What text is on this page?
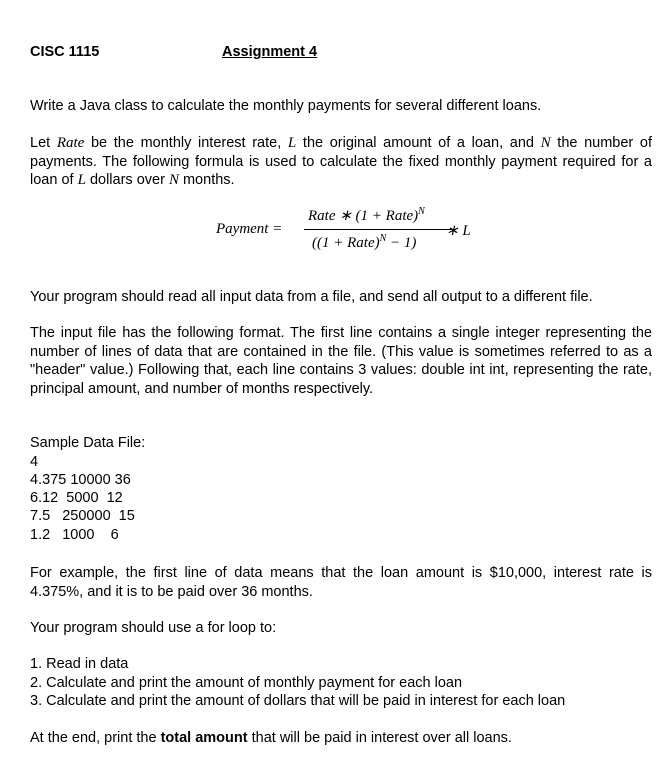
CISC 1115	Assignment 4
Write a Java class to calculate the monthly payments for several different loans.
Let Rate be the monthly interest rate, L the original amount of a loan, and N the number of payments. The following formula is used to calculate the fixed monthly payment required for a loan of L dollars over N months.
Payment =
Rate ∗ (1 + Rate)$^N$
((1 + Rate)$^N$ − 1)
∗ L
Your program should read all input data from a file, and send all output to a different file.
The input file has the following format. The first line contains a single integer representing the number of lines of data that are contained in the file. (This value is sometimes referred to as a "header" value.) Following that, each line contains 3 values: double int int, representing the rate, principal amount, and number of months respectively.
Sample Data File:
4
4.375 10000 36
6.12  5000  12
7.5   250000  15
1.2   1000    6
For example, the first line of data means that the loan amount is $10,000, interest rate is 4.375%, and it is to be paid over 36 months.
Your program should use a for loop to:
1. Read in data
2. Calculate and print the amount of monthly payment for each loan
3. Calculate and print the amount of dollars that will be paid in interest for each loan
At the end, print the total amount that will be paid in interest over all loans.
